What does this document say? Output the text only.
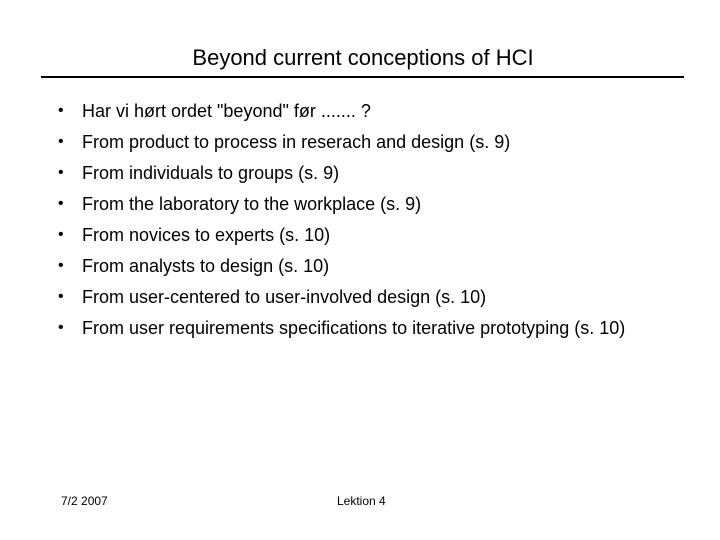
Beyond current conceptions of HCI
• Har vi hørt ordet "beyond" før ....... ?
• From product to process in reserach and design (s. 9)
• From individuals to groups (s. 9)
• From the laboratory to the workplace (s. 9)
• From novices to experts (s. 10)
• From analysts to design (s. 10)
• From user-centered to user-involved design (s. 10)
• From user requirements specifications to iterative prototyping (s. 10)
7/2 2007	Lektion 4
